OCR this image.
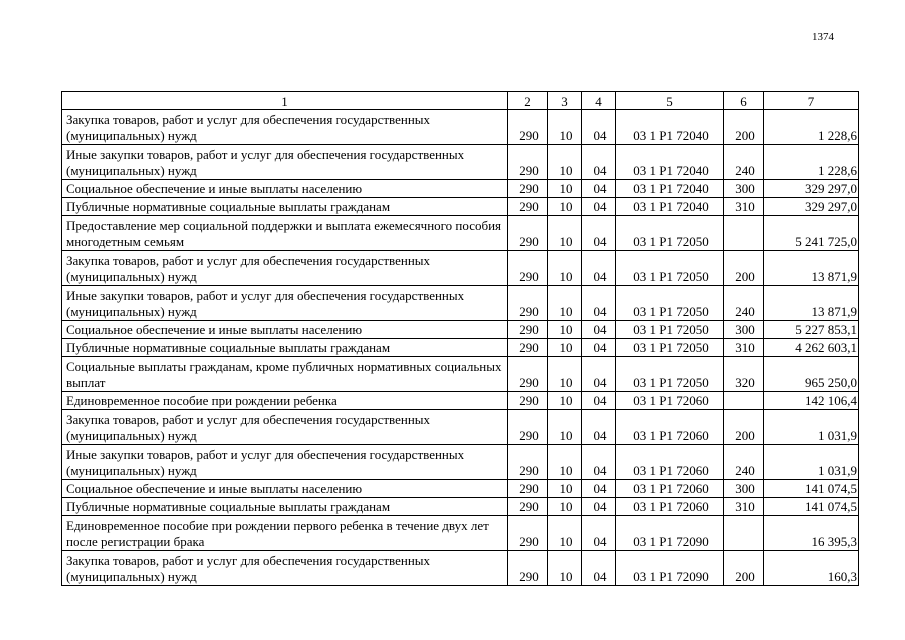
1374
1	2	3	4	5	6	7
Закупка товаров, работ и услуг для обеспечения государственных (муниципальных) нужд	290	10	04	03 1 P1 72040	200	1 228,6
Иные закупки товаров, работ и услуг для обеспечения государственных (муниципальных) нужд	290	10	04	03 1 P1 72040	240	1 228,6
Социальное обеспечение и иные выплаты населению	290	10	04	03 1 P1 72040	300	329 297,0
Публичные нормативные социальные выплаты гражданам	290	10	04	03 1 P1 72040	310	329 297,0
Предоставление мер социальной поддержки и выплата ежемесячного пособия многодетным семьям	290	10	04	03 1 P1 72050		5 241 725,0
Закупка товаров, работ и услуг для обеспечения государственных (муниципальных) нужд	290	10	04	03 1 P1 72050	200	13 871,9
Иные закупки товаров, работ и услуг для обеспечения государственных (муниципальных) нужд	290	10	04	03 1 P1 72050	240	13 871,9
Социальное обеспечение и иные выплаты населению	290	10	04	03 1 P1 72050	300	5 227 853,1
Публичные нормативные социальные выплаты гражданам	290	10	04	03 1 P1 72050	310	4 262 603,1
Социальные выплаты гражданам, кроме публичных нормативных социальных выплат	290	10	04	03 1 P1 72050	320	965 250,0
Единовременное пособие при рождении ребенка	290	10	04	03 1 P1 72060		142 106,4
Закупка товаров, работ и услуг для обеспечения государственных (муниципальных) нужд	290	10	04	03 1 P1 72060	200	1 031,9
Иные закупки товаров, работ и услуг для обеспечения государственных (муниципальных) нужд	290	10	04	03 1 P1 72060	240	1 031,9
Социальное обеспечение и иные выплаты населению	290	10	04	03 1 P1 72060	300	141 074,5
Публичные нормативные социальные выплаты гражданам	290	10	04	03 1 P1 72060	310	141 074,5
Единовременное пособие при рождении первого ребенка в течение двух лет после регистрации брака	290	10	04	03 1 P1 72090		16 395,3
Закупка товаров, работ и услуг для обеспечения государственных (муниципальных) нужд	290	10	04	03 1 P1 72090	200	160,3
